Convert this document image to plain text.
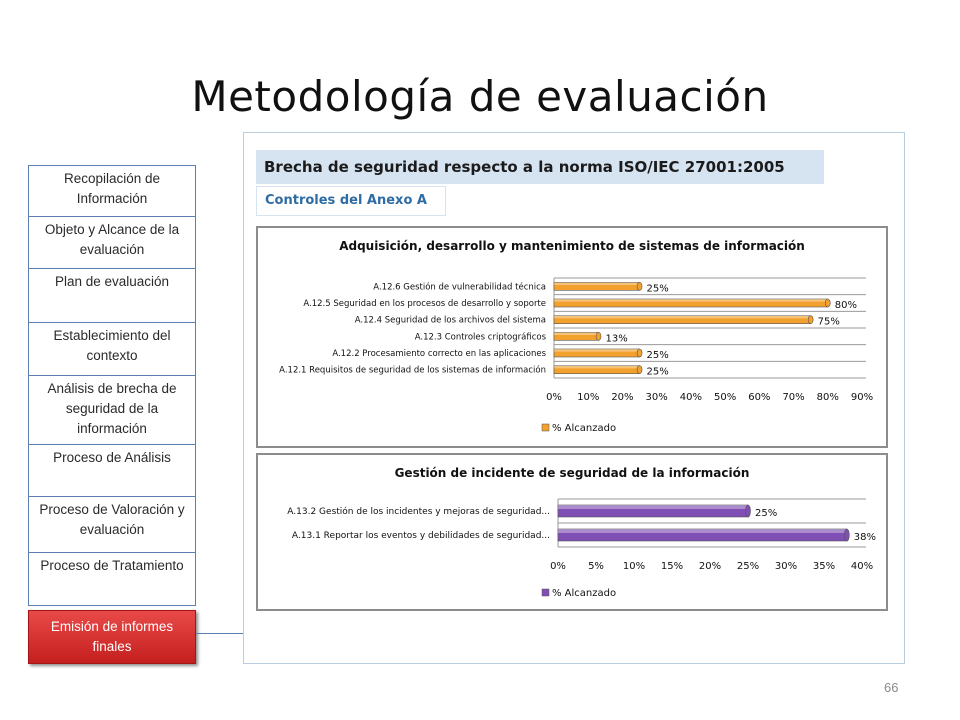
Metodología de evaluación
Recopilación de Información
Objeto y Alcance de la evaluación
Plan de evaluación
Establecimiento del contexto
Análisis de brecha de seguridad de la información
Proceso de Análisis
Proceso de Valoración y evaluación
Proceso de Tratamiento
Emisión de informes finales
Brecha de seguridad respecto a la norma ISO/IEC 27001:2005
Controles del Anexo A
Adquisición, desarrollo y mantenimiento de sistemas de información
0% 10% 20% 30% 40% 50% 60% 70% 80% 90%
A.12.6 Gestión de vulnerabilidad técnica	25%
A.12.5 Seguridad en los procesos de desarrollo y soporte	80%
A.12.4 Seguridad de los archivos del sistema	75%
A.12.3 Controles criptográficos	13%
A.12.2 Procesamiento correcto en las aplicaciones	25%
A.12.1 Requisitos de seguridad de los sistemas de información	25%
% Alcanzado
Gestión de incidente de seguridad de la información
0% 5% 10% 15% 20% 25% 30% 35% 40%
A.13.2 Gestión de los incidentes y mejoras de seguridad...	25%
A.13.1 Reportar los eventos y debilidades de seguridad...	38%
% Alcanzado
66
